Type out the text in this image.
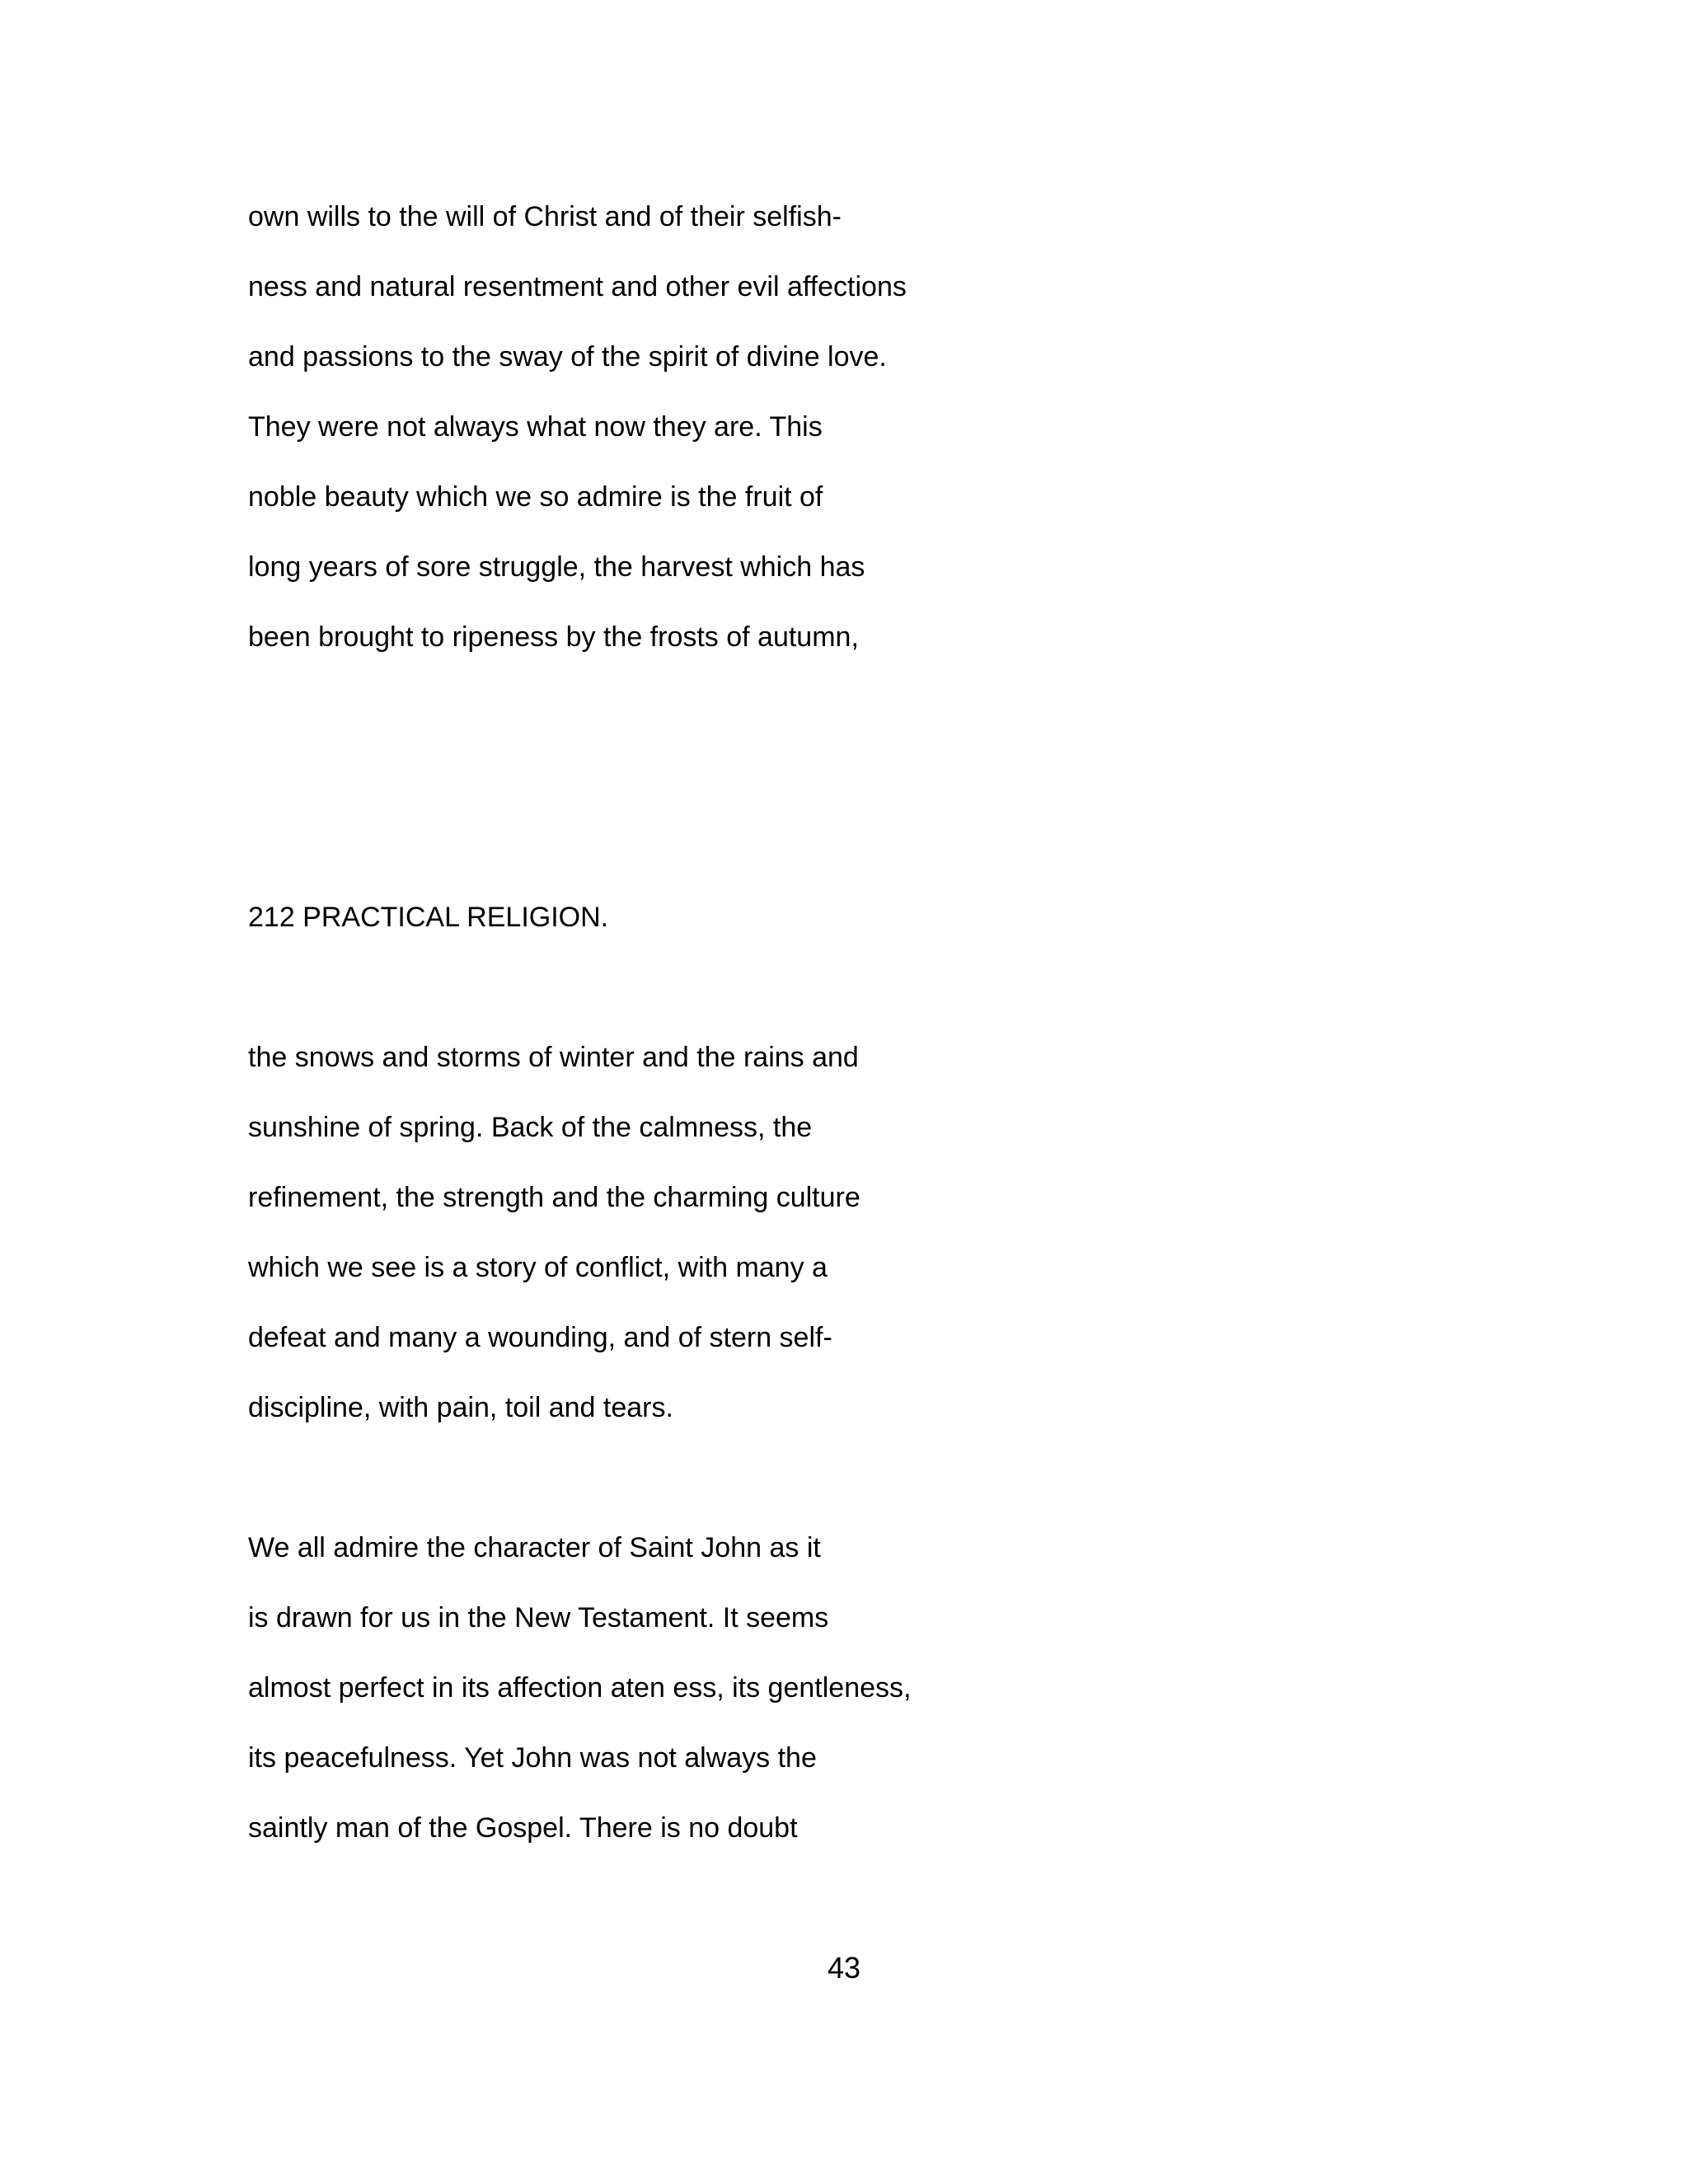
own wills to the will of Christ and of their selfish-
ness and natural resentment and other evil affections
and passions to the sway of the spirit of divine love.
They were not always what now they are. This
noble beauty which we so admire is the fruit of
long years of sore struggle, the harvest which has
been brought to ripeness by the frosts of autumn,
212 PRACTICAL RELIGION.
the snows and storms of winter and the rains and
sunshine of spring. Back of the calmness, the
refinement, the strength and the charming culture
which we see is a story of conflict, with many a
defeat and many a wounding, and of stern self-
discipline, with pain, toil and tears.
We all admire the character of Saint John as it
is drawn for us in the New Testament. It seems
almost perfect in its affection aten ess, its gentleness,
its peacefulness. Yet John was not always the
saintly man of the Gospel. There is no doubt
43
